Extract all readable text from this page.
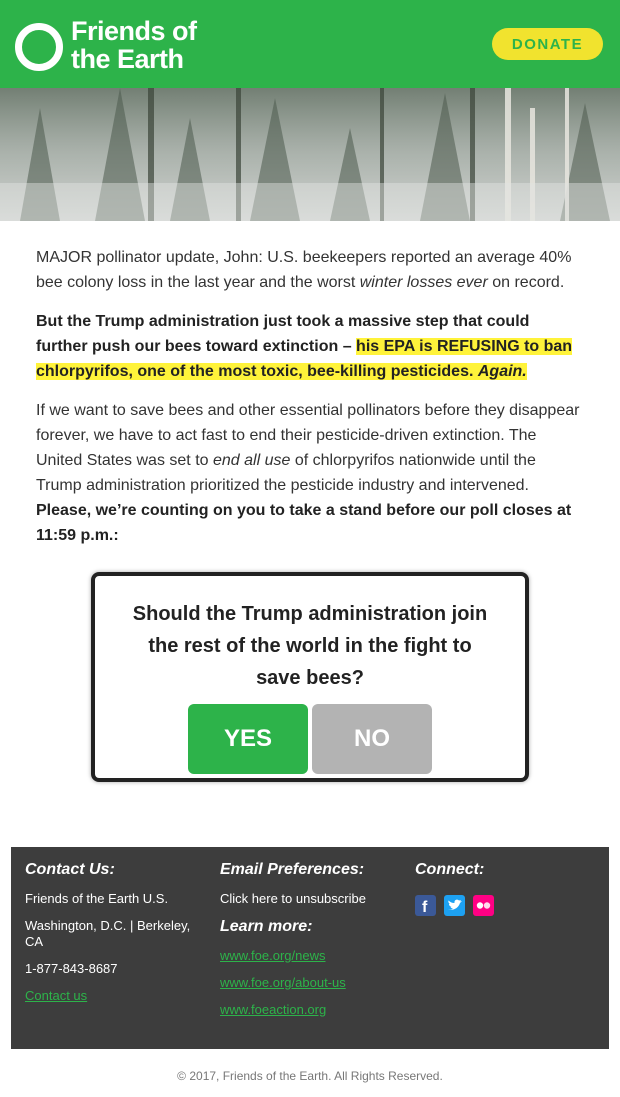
Friends of
the Earth	DONATE

MAJOR pollinator update, John: U.S. beekeepers reported an average 40% bee colony loss in the last year and the worst winter losses ever on record.

But the Trump administration just took a massive step that could further push our bees toward extinction – his EPA is REFUSING to ban chlorpyrifos, one of the most toxic, bee-killing pesticides. Again.

If we want to save bees and other essential pollinators before they disappear forever, we have to act fast to end their pesticide-driven extinction. The United States was set to end all use of chlorpyrifos nationwide until the Trump administration prioritized the pesticide industry and intervened. Please, we’re counting on you to take a stand before our poll closes at 11:59 p.m.:

Should the Trump administration join the rest of the world in the fight to save bees?
YES	NO
Contact Us:
Friends of the Earth U.S.
Washington, D.C. | Berkeley, CA
1-877-843-8687
Contact us
Email Preferences:
Click here to unsubscribe
Learn more:
www.foe.org/news
www.foe.org/about-us
www.foeaction.org
Connect:
f
© 2017, Friends of the Earth. All Rights Reserved.
